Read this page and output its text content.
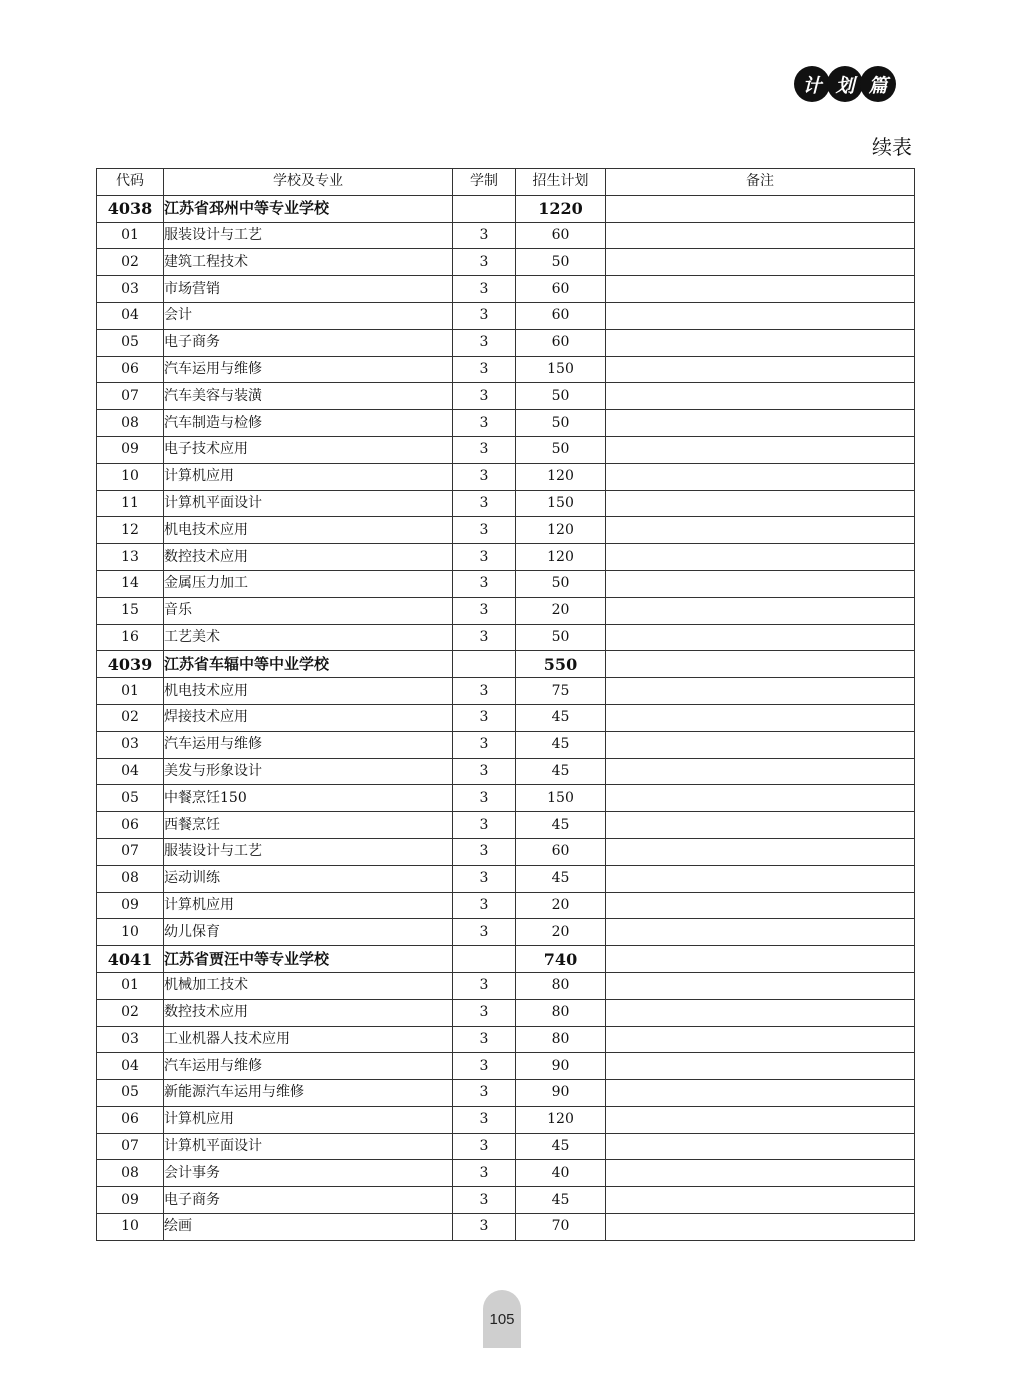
计 划 篇
续表
代码	学校及专业	学制	招生计划	备注
4038	江苏省邳州中等专业学校		1220	
01	服装设计与工艺	3	60	
02	建筑工程技术	3	50	
03	市场营销	3	60	
04	会计	3	60	
05	电子商务	3	60	
06	汽车运用与维修	3	150	
07	汽车美容与装潢	3	50	
08	汽车制造与检修	3	50	
09	电子技术应用	3	50	
10	计算机应用	3	120	
11	计算机平面设计	3	150	
12	机电技术应用	3	120	
13	数控技术应用	3	120	
14	金属压力加工	3	50	
15	音乐	3	20	
16	工艺美术	3	50	
4039	江苏省车辐中等中业学校		550	
01	机电技术应用	3	75	
02	焊接技术应用	3	45	
03	汽车运用与维修	3	45	
04	美发与形象设计	3	45	
05	中餐烹饪150	3	150	
06	西餐烹饪	3	45	
07	服装设计与工艺	3	60	
08	运动训练	3	45	
09	计算机应用	3	20	
10	幼儿保育	3	20	
4041	江苏省贾汪中等专业学校		740	
01	机械加工技术	3	80	
02	数控技术应用	3	80	
03	工业机器人技术应用	3	80	
04	汽车运用与维修	3	90	
05	新能源汽车运用与维修	3	90	
06	计算机应用	3	120	
07	计算机平面设计	3	45	
08	会计事务	3	40	
09	电子商务	3	45	
10	绘画	3	70	
105
